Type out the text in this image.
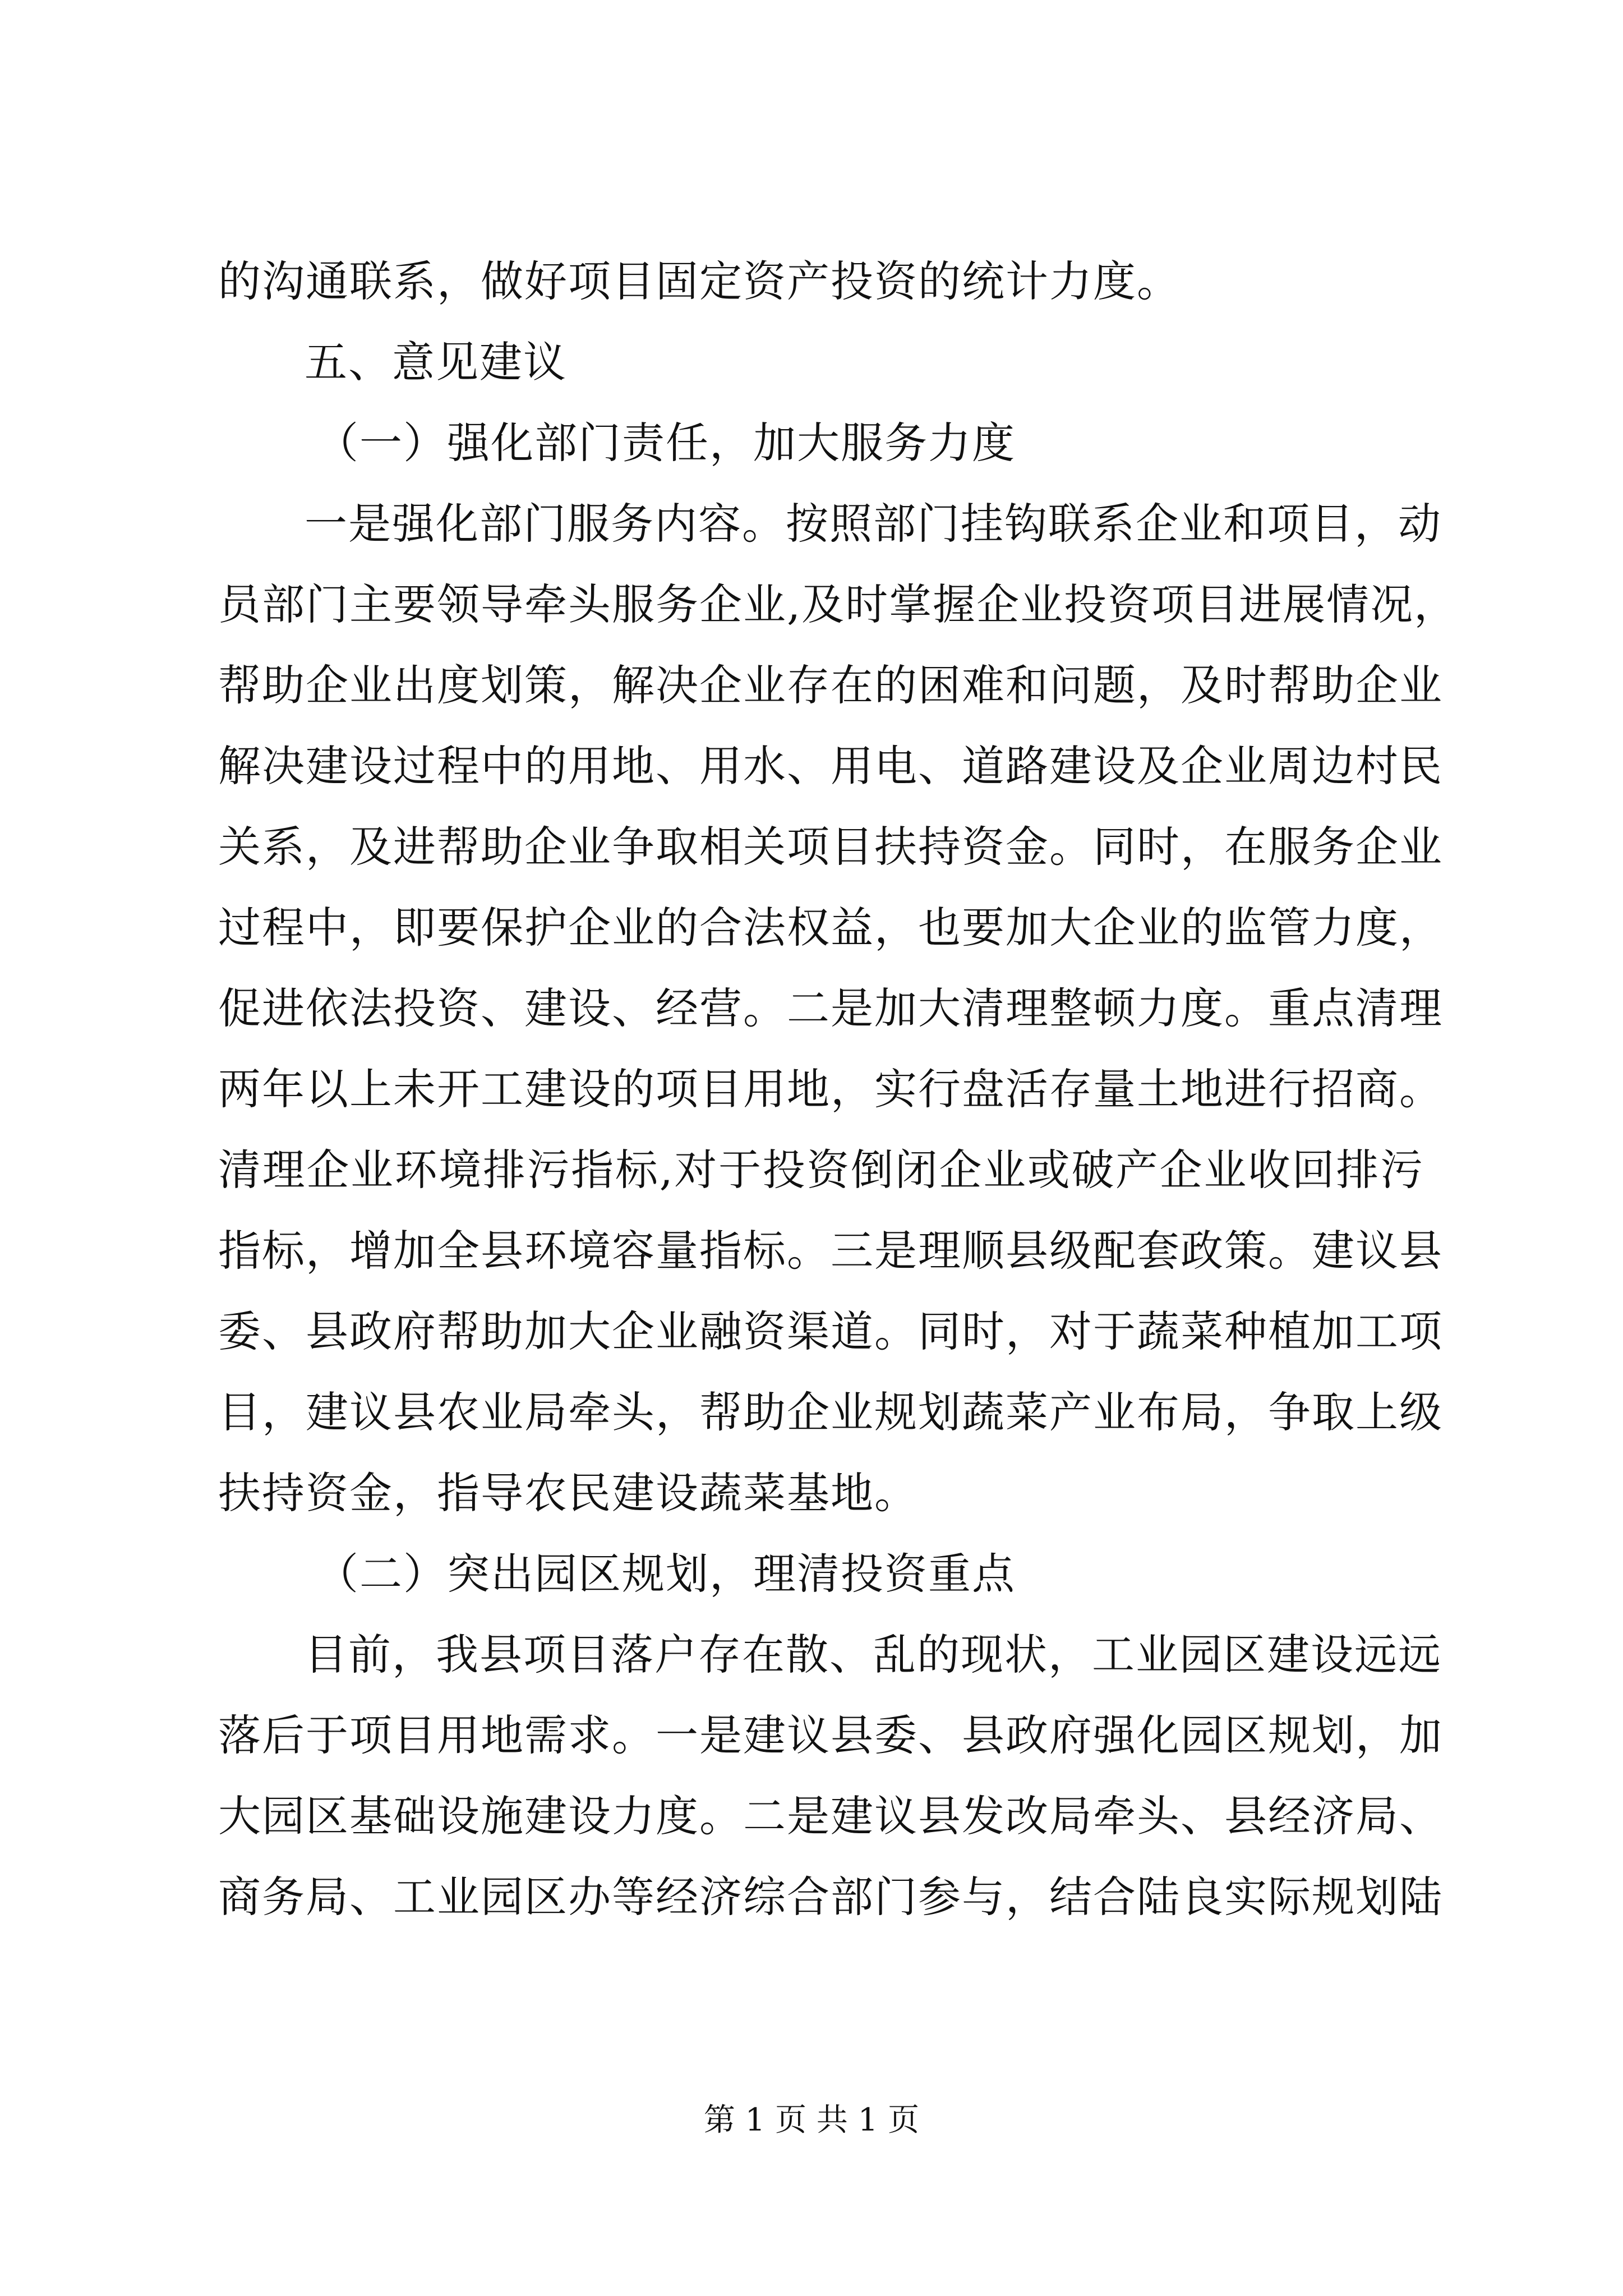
的沟通联系，做好项目固定资产投资的统计力度。
五、意见建议
（一）强化部门责任，加大服务力度
一是强化部门服务内容。按照部门挂钩联系企业和项目，动
员部门主要领导牵头服务企业,及时掌握企业投资项目进展情况，
帮助企业出度划策，解决企业存在的困难和问题，及时帮助企业
解决建设过程中的用地、用水、用电、道路建设及企业周边村民
关系，及进帮助企业争取相关项目扶持资金。同时，在服务企业
过程中，即要保护企业的合法权益，也要加大企业的监管力度，
促进依法投资、建设、经营。二是加大清理整顿力度。重点清理
两年以上未开工建设的项目用地，实行盘活存量土地进行招商。
清理企业环境排污指标,对于投资倒闭企业或破产企业收回排污
指标，增加全县环境容量指标。三是理顺县级配套政策。建议县
委、县政府帮助加大企业融资渠道。同时，对于蔬菜种植加工项
目，建议县农业局牵头，帮助企业规划蔬菜产业布局，争取上级
扶持资金，指导农民建设蔬菜基地。
（二）突出园区规划，理清投资重点
目前，我县项目落户存在散、乱的现状，工业园区建设远远
落后于项目用地需求。一是建议县委、县政府强化园区规划，加
大园区基础设施建设力度。二是建议县发改局牵头、县经济局、
商务局、工业园区办等经济综合部门参与，结合陆良实际规划陆
第 1 页 共 1 页
